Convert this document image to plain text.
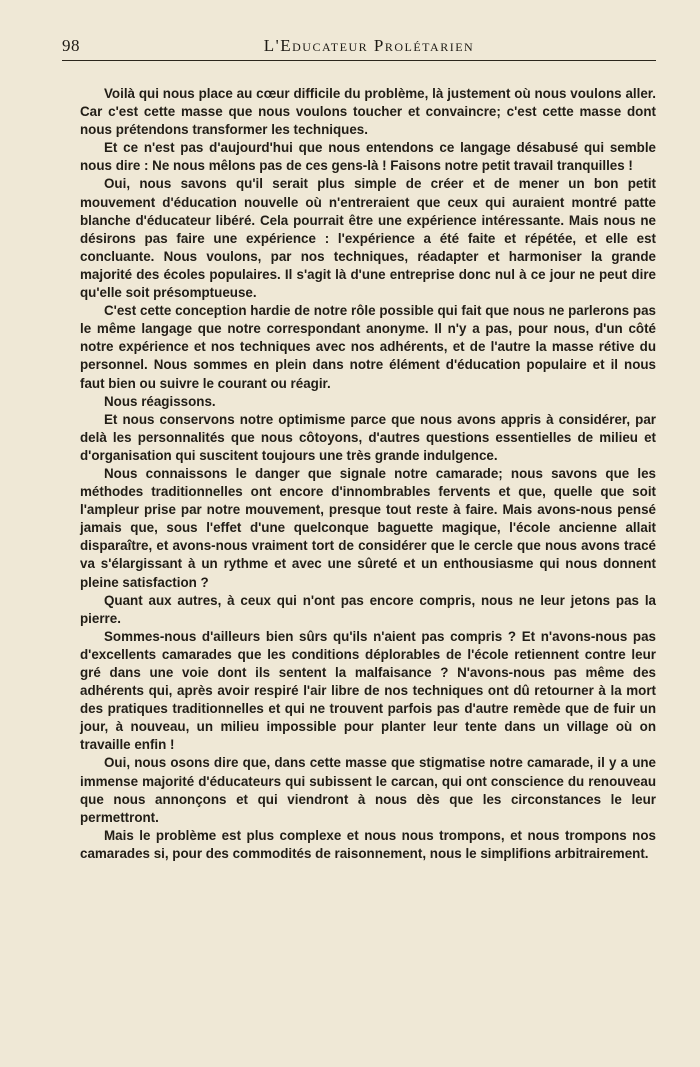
98	L'Educateur Prolétarien

Voilà qui nous place au cœur difficile du problème, là justement où nous voulons aller. Car c'est cette masse que nous voulons toucher et convaincre; c'est cette masse dont nous prétendons transformer les techniques.

Et ce n'est pas d'aujourd'hui que nous entendons ce langage désabusé qui semble nous dire : Ne nous mêlons pas de ces gens-là ! Faisons notre petit travail tranquilles !

Oui, nous savons qu'il serait plus simple de créer et de mener un bon petit mouvement d'éducation nouvelle où n'entreraient que ceux qui auraient montré patte blanche d'éducateur libéré. Cela pourrait être une expérience intéressante. Mais nous ne désirons pas faire une expérience : l'expérience a été faite et répétée, et elle est concluante. Nous voulons, par nos techniques, réadapter et harmoniser la grande majorité des écoles populaires. Il s'agit là d'une entreprise donc nul à ce jour ne peut dire qu'elle soit présomptueuse.

C'est cette conception hardie de notre rôle possible qui fait que nous ne parlerons pas le même langage que notre correspondant anonyme. Il n'y a pas, pour nous, d'un côté notre expérience et nos techniques avec nos adhérents, et de l'autre la masse rétive du personnel. Nous sommes en plein dans notre élément d'éducation populaire et il nous faut bien ou suivre le courant ou réagir.

Nous réagissons.

Et nous conservons notre optimisme parce que nous avons appris à considérer, par delà les personnalités que nous côtoyons, d'autres questions essentielles de milieu et d'organisation qui suscitent toujours une très grande indulgence.

Nous connaissons le danger que signale notre camarade; nous savons que les méthodes traditionnelles ont encore d'innombrables fervents et que, quelle que soit l'ampleur prise par notre mouvement, presque tout reste à faire. Mais avons-nous pensé jamais que, sous l'effet d'une quelconque baguette magique, l'école ancienne allait disparaître, et avons-nous vraiment tort de considérer que le cercle que nous avons tracé va s'élargissant à un rythme et avec une sûreté et un enthousiasme qui nous donnent pleine satisfaction ?

Quant aux autres, à ceux qui n'ont pas encore compris, nous ne leur jetons pas la pierre.

Sommes-nous d'ailleurs bien sûrs qu'ils n'aient pas compris ? Et n'avons-nous pas d'excellents camarades que les conditions déplorables de l'école retiennent contre leur gré dans une voie dont ils sentent la malfaisance ? N'avons-nous pas même des adhérents qui, après avoir respiré l'air libre de nos techniques ont dû retourner à la mort des pratiques traditionnelles et qui ne trouvent parfois pas d'autre remède que de fuir un jour, à nouveau, un milieu impossible pour planter leur tente dans un village où on travaille enfin !

Oui, nous osons dire que, dans cette masse que stigmatise notre camarade, il y a une immense majorité d'éducateurs qui subissent le carcan, qui ont conscience du renouveau que nous annonçons et qui viendront à nous dès que les circonstances le leur permettront.

Mais le problème est plus complexe et nous nous trompons, et nous trompons nos camarades si, pour des commodités de raisonnement, nous le simplifions arbitrairement.
